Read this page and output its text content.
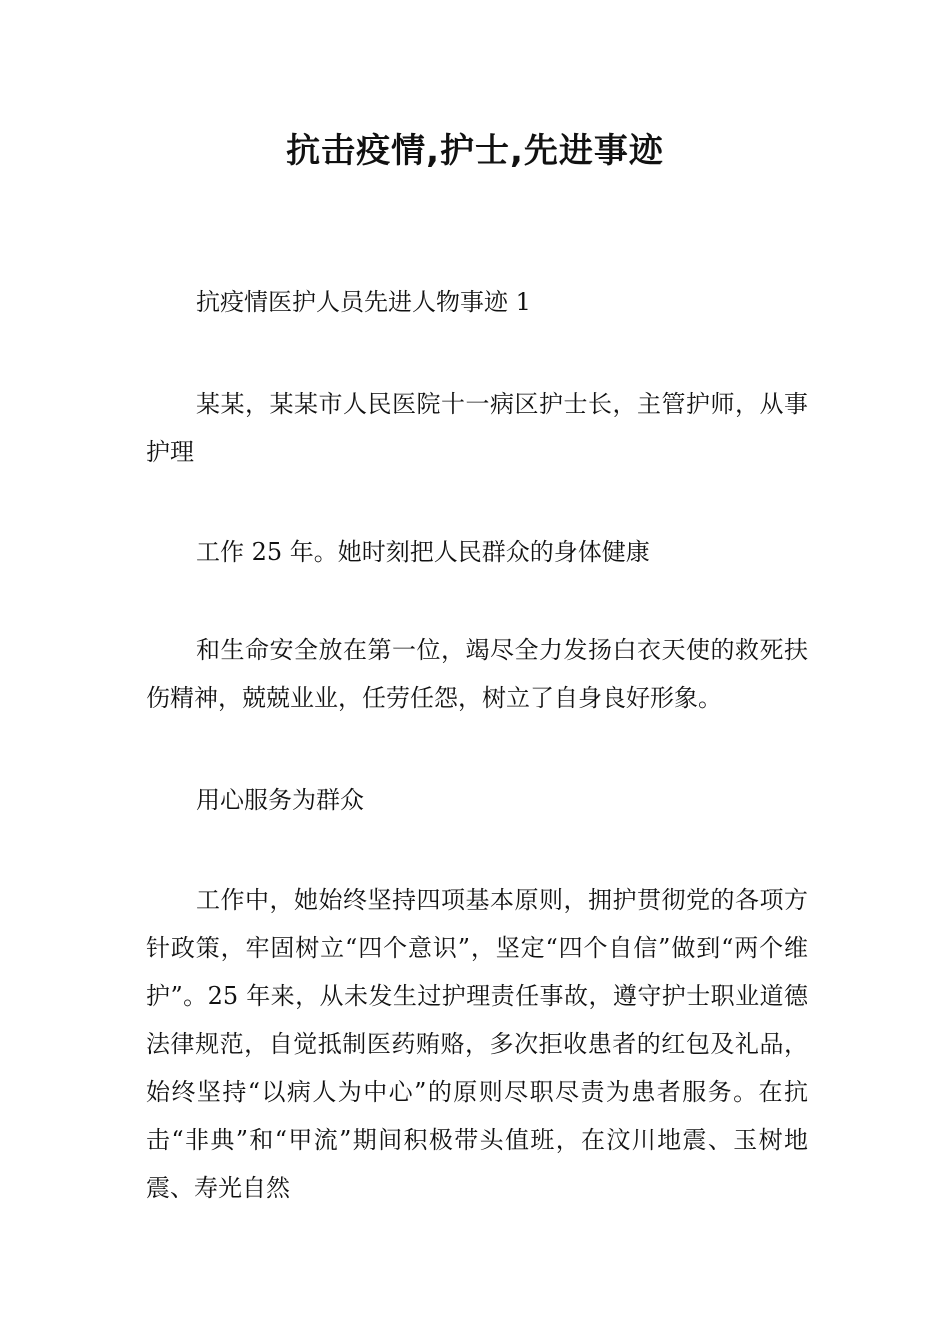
抗击疫情,护士,先进事迹

抗疫情医护人员先进人物事迹 1

某某，某某市人民医院十一病区护士长，主管护师，从事护理

工作 25 年。她时刻把人民群众的身体健康

和生命安全放在第一位，竭尽全力发扬白衣天使的救死扶伤精神，兢兢业业，任劳任怨，树立了自身良好形象。

用心服务为群众

工作中，她始终坚持四项基本原则，拥护贯彻党的各项方针政策，牢固树立“四个意识”，坚定“四个自信”做到“两个维护”。25 年来，从未发生过护理责任事故，遵守护士职业道德法律规范，自觉抵制医药贿赂，多次拒收患者的红包及礼品，始终坚持“以病人为中心”的原则尽职尽责为患者服务。在抗击“非典”和“甲流”期间积极带头值班，在汶川地震、玉树地震、寿光自然
